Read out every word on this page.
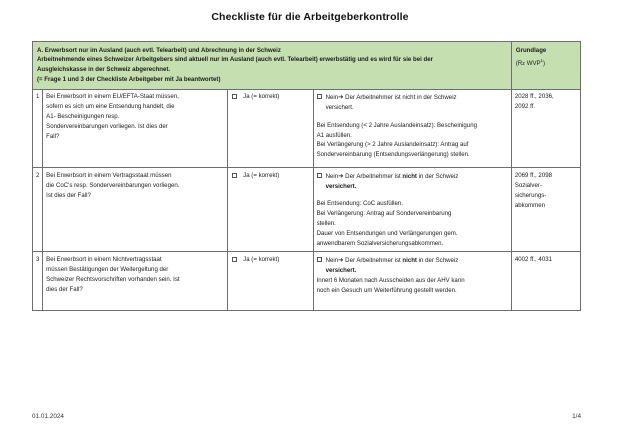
Checkliste für die Arbeitgeberkontrolle
A. Erwerbsort nur im Ausland (auch evtl. Telearbeit) und Abrechnung in der Schweiz
Arbeitnehmende eines Schweizer Arbeitgebers sind aktuell nur im Ausland (auch evtl. Telearbeit) erwerbstätig und es wird für sie bei der
Ausgleichskasse in der Schweiz abgerechnet.
(= Frage 1 und 3 der Checkliste Arbeitgeber mit Ja beantwortet)				Grundlage
(Rz WVP$^1$)

1	Bei Erwerbsort in einem EU/EFTA-Staat müssen,
sofern es sich um eine Entsendung handelt, die
A1- Bescheinigungen resp.
Sondervereinbarungen vorliegen. Ist dies der
Fall?

Ja (= korrekt)	Nein➔ Der Arbeitnehmer ist nicht in der Schweiz
versichert.
Bei Entsendung (< 2 Jahre Auslandeinsatz): Bescheinigung
A1 ausfüllen.
Bei Verlängerung (> 2 Jahre Auslandeinsatz): Antrag auf
Sondervereinbarung (Entsendungsverlängerung) stellen.

2028 ff., 2036,
2092 ff.

2	Bei Erwerbsort in einem Vertragsstaat müssen
die CoC's resp. Sondervereinbarungen vorliegen.
Ist dies der Fall?

Ja (= korrekt)	Nein➔ Der Arbeitnehmer ist nicht in der Schweiz
versichert.
Bei Entsendung: CoC ausfüllen.
Bei Verlängerung: Antrag auf Sondervereinbarung
stellen.
Dauer von Entsendungen und Verlängerungen gem.
anwendbarem Sozialversicherungsabkommen.

2069 ff., 2098
Sozialver-
sicherungs-
abkommen

3	Bei Erwerbsort in einem Nichtvertragsstaat
müssen Bestätigungen der Weitergeltung der
Schweizer Rechtsvorschriften vorhanden sein. Ist
dies der Fall?	Ja (= korrekt)	Nein➔ Der Arbeitnehmer ist nicht in der Schweiz
versichert.
Innert 6 Monaten nach Ausscheiden aus der AHV kann
noch ein Gesuch um Weiterführung gestellt werden.	4002 ff., 4031
01.01.2024	1/4
